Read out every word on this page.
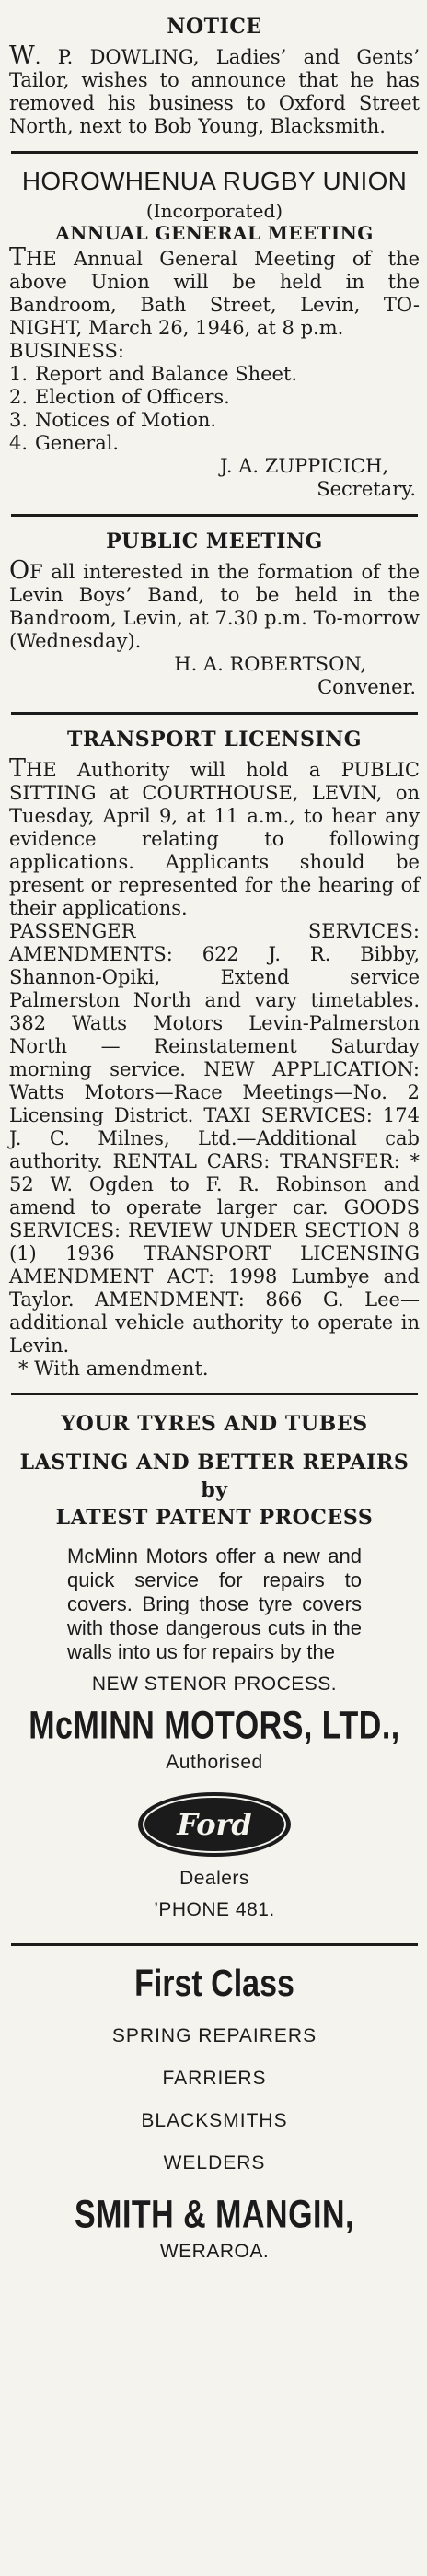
NOTICE

W. P. DOWLING, Ladies’ and Gents’ Tailor, wishes to announce that he has removed his business to Oxford Street North, next to Bob Young, Blacksmith.

HOROWHENUA RUGBY UNION
(Incorporated)
ANNUAL GENERAL MEETING

THE Annual General Meeting of the above Union will be held in the Bandroom, Bath Street, Levin, TO-NIGHT, March 26, 1946, at 8 p.m.

BUSINESS:
1. Report and Balance Sheet.
2. Election of Officers.
3. Notices of Motion.
4. General.
J. A. ZUPPICICH,
Secretary.
PUBLIC MEETING

OF all interested in the formation of the Levin Boys’ Band, to be held in the Bandroom, Levin, at 7.30 p.m. To-morrow (Wednesday).

H. A. ROBERTSON,
Convener.
TRANSPORT LICENSING

THE Authority will hold a PUBLIC SITTING at COURTHOUSE, LEVIN, on Tuesday, April 9, at 11 a.m., to hear any evidence relating to following applications. Applicants should be present or represented for the hearing of their applications.

PASSENGER SERVICES: AMENDMENTS: 622 J. R. Bibby, Shannon-Opiki, Extend service Palmerston North and vary timetables. 382 Watts Motors Levin-Palmerston North — Reinstatement Saturday morning service. NEW APPLICATION: Watts Motors—Race Meetings—No. 2 Licensing District. TAXI SERVICES: 174 J. C. Milnes, Ltd.—Additional cab authority. RENTAL CARS: TRANSFER: * 52 W. Ogden to F. R. Robinson and amend to operate larger car. GOODS SERVICES: REVIEW UNDER SECTION 8 (1) 1936 TRANSPORT LICENSING AMENDMENT ACT: 1998 Lumbye and Taylor. AMENDMENT: 866 G. Lee—additional vehicle authority to operate in Levin.

* With amendment.
YOUR TYRES AND TUBES
LASTING AND BETTER REPAIRS
by
LATEST PATENT PROCESS

McMinn Motors offer a new and quick service for repairs to covers. Bring those tyre covers with those dangerous cuts in the walls into us for repairs by the

NEW STENOR PROCESS.
McMINN MOTORS, LTD.,
Authorised
Ford
Dealers
’PHONE 481.
First Class
SPRING REPAIRERS
FARRIERS
BLACKSMITHS
WELDERS
SMITH & MANGIN,
WERAROA.
